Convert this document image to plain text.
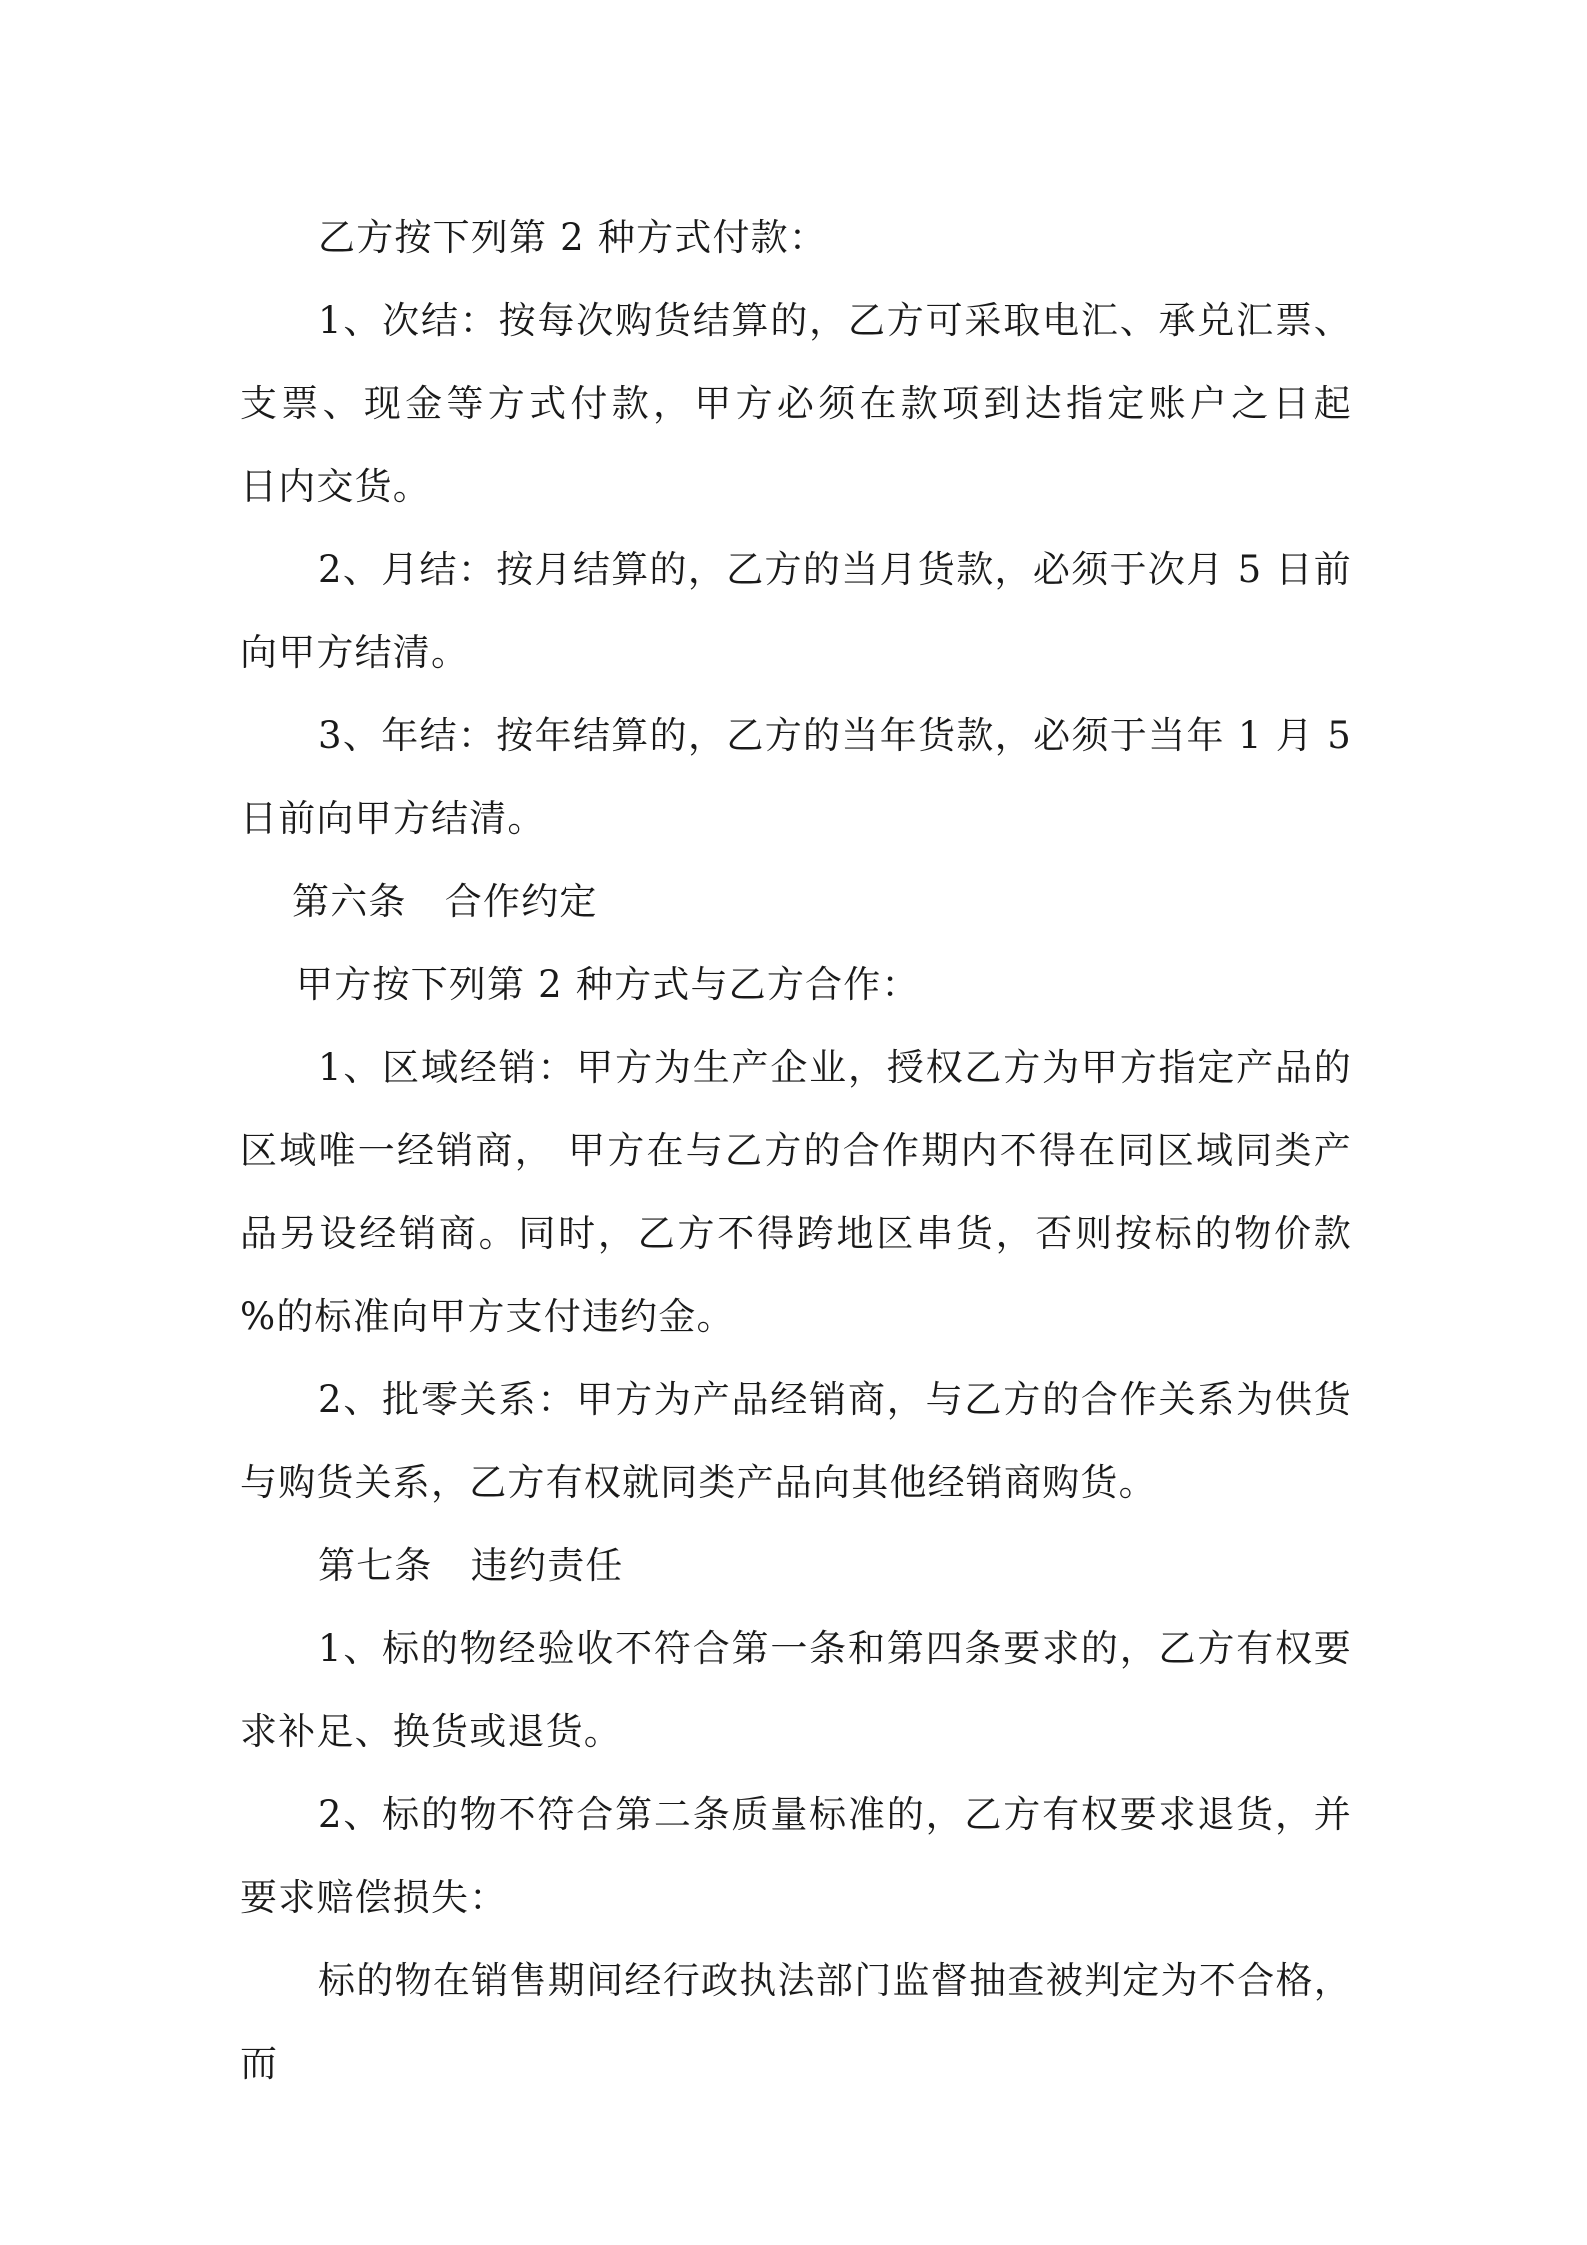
乙方按下列第 2 种方式付款：

1、次结：按每次购货结算的，乙方可采取电汇、承兑汇票、支票、现金等方式付款，甲方必须在款项到达指定账户之日起　　日内交货。

2、月结：按月结算的，乙方的当月货款，必须于次月 5 日前向甲方结清。

3、年结：按年结算的，乙方的当年货款，必须于当年 1 月 5 日前向甲方结清。

第六条　合作约定

甲方按下列第 2 种方式与乙方合作：

1、区域经销：甲方为生产企业，授权乙方为甲方指定产品的区域唯一经销商， 甲方在与乙方的合作期内不得在同区域同类产品另设经销商。同时，乙方不得跨地区串货，否则按标的物价款　　%的标准向甲方支付违约金。

2、批零关系：甲方为产品经销商，与乙方的合作关系为供货与购货关系，乙方有权就同类产品向其他经销商购货。

第七条　违约责任

1、标的物经验收不符合第一条和第四条要求的，乙方有权要求补足、换货或退货。

2、标的物不符合第二条质量标准的，乙方有权要求退货，并要求赔偿损失：

标的物在销售期间经行政执法部门监督抽查被判定为不合格，而
